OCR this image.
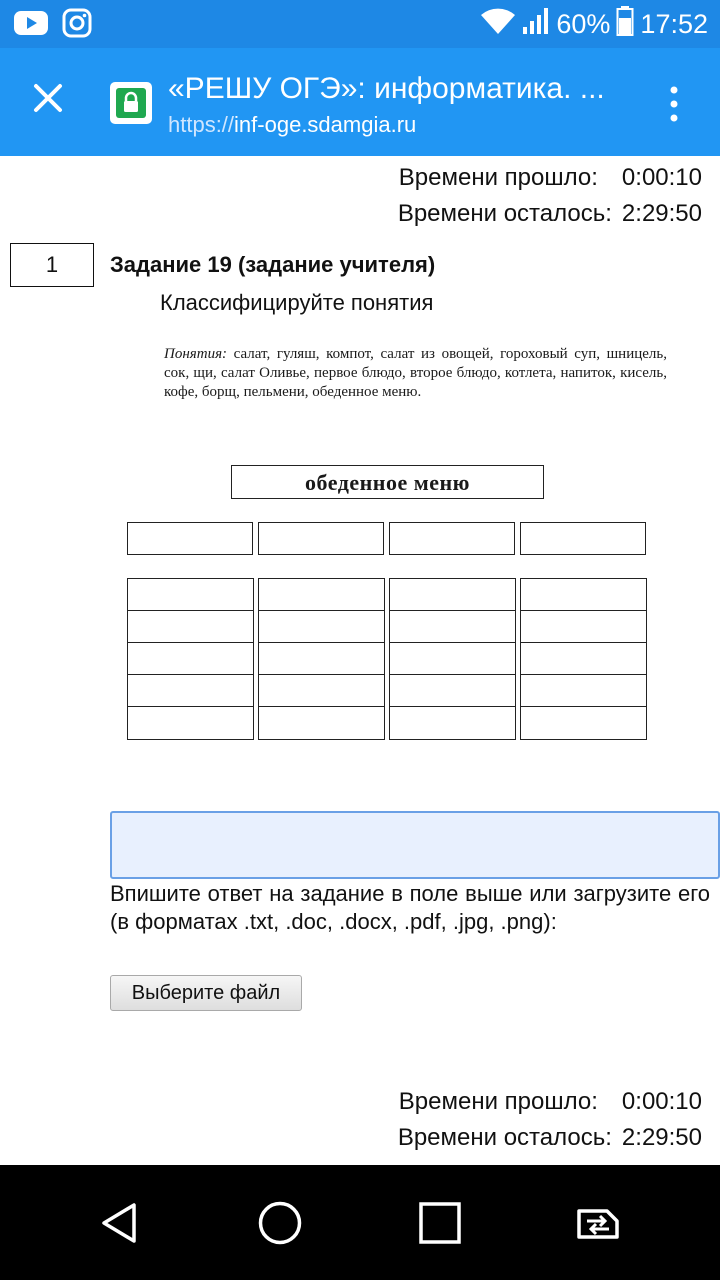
60% 17:52
«РЕШУ ОГЭ»: информатика. ...
https://inf-oge.sdamgia.ru
Времени прошло: 0:00:10
Времени осталось: 2:29:50
1	Задание 19 (задание учителя)
Классифицируйте понятия
Понятия: салат, гуляш, компот, салат из овощей, гороховый суп, шницель, сок, щи, салат Оливье, первое блюдо, второе блюдо, котлета, напиток, кисель, кофе, борщ, пельмени, обеденное меню.
обеденное меню
Впишите ответ на задание в поле выше или загрузите его (в форматах .txt, .doc, .docx, .pdf, .jpg, .png):
Выберите файл
Времени прошло: 0:00:10
Времени осталось: 2:29:50
